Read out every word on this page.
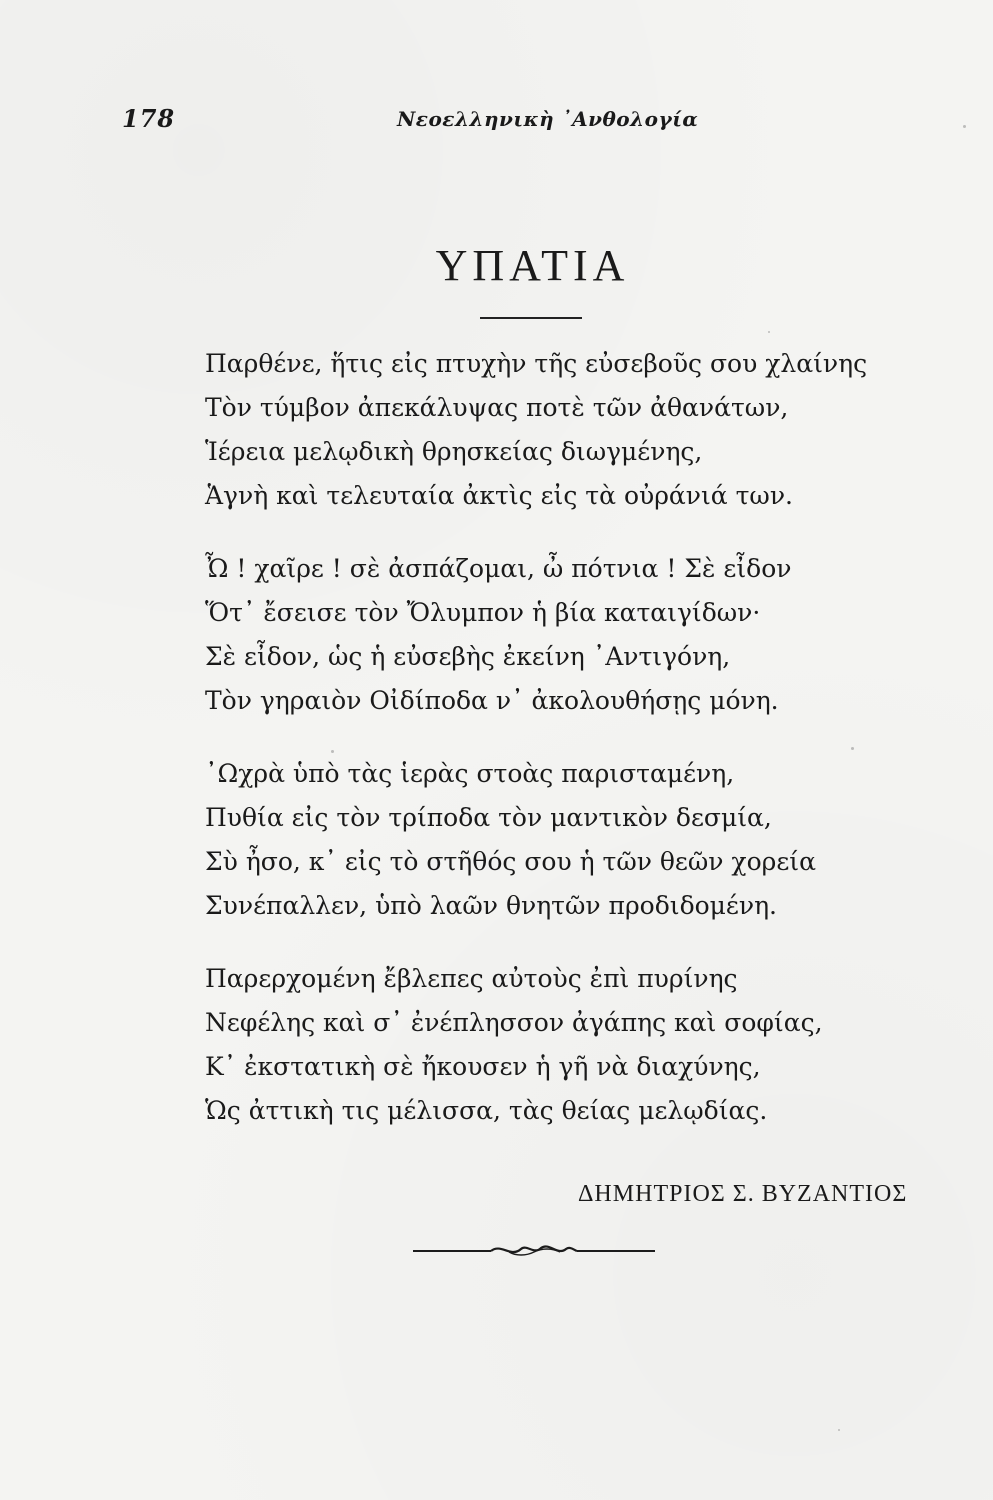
178	Νεοελληνικὴ ᾿Ανθολογία
ΥΠΑΤΙΑ
Παρθένε, ἥτις εἰς πτυχὴν τῆς εὐσεβοῦς σου χλαίνης
Τὸν τύμβον ἀπεκάλυψας ποτὲ τῶν ἀθανάτων,
Ἱέρεια μελῳδικὴ θρησκείας διωγμένης,
Ἁγνὴ καὶ τελευταία ἀκτὶς εἰς τὰ οὐράνιά των.
Ὦ ! χαῖρε ! σὲ ἀσπάζομαι, ὦ πότνια ! Σὲ εἶδον
Ὅτ᾿ ἔσεισε τὸν Ὄλυμπον ἡ βία καταιγίδων·
Σὲ εἶδον, ὡς ἡ εὐσεβὴς ἐκείνη ᾿Αντιγόνη,
Τὸν γηραιὸν Οἰδίποδα ν᾿ ἀκολουθήσῃς μόνη.
᾿Ωχρὰ ὑπὸ τὰς ἱερὰς στοὰς παρισταμένη,
Πυθία εἰς τὸν τρίποδα τὸν μαντικὸν δεσμία,
Σὺ ἦσο, κ᾿ εἰς τὸ στῆθός σου ἡ τῶν θεῶν χορεία
Συνέπαλλεν, ὑπὸ λαῶν θνητῶν προδιδομένη.
Παρερχομένη ἔβλεπες αὐτοὺς ἐπὶ πυρίνης
Νεφέλης καὶ σ᾿ ἐνέπλησσον ἀγάπης καὶ σοφίας,
Κ᾿ ἐκστατικὴ σὲ ἤκουσεν ἡ γῆ νὰ διαχύνης,
Ὡς ἀττικὴ τις μέλισσα, τὰς θείας μελῳδίας.
ΔΗΜΗΤΡΙΟΣ Σ. ΒΥΖΑΝΤΙΟΣ
